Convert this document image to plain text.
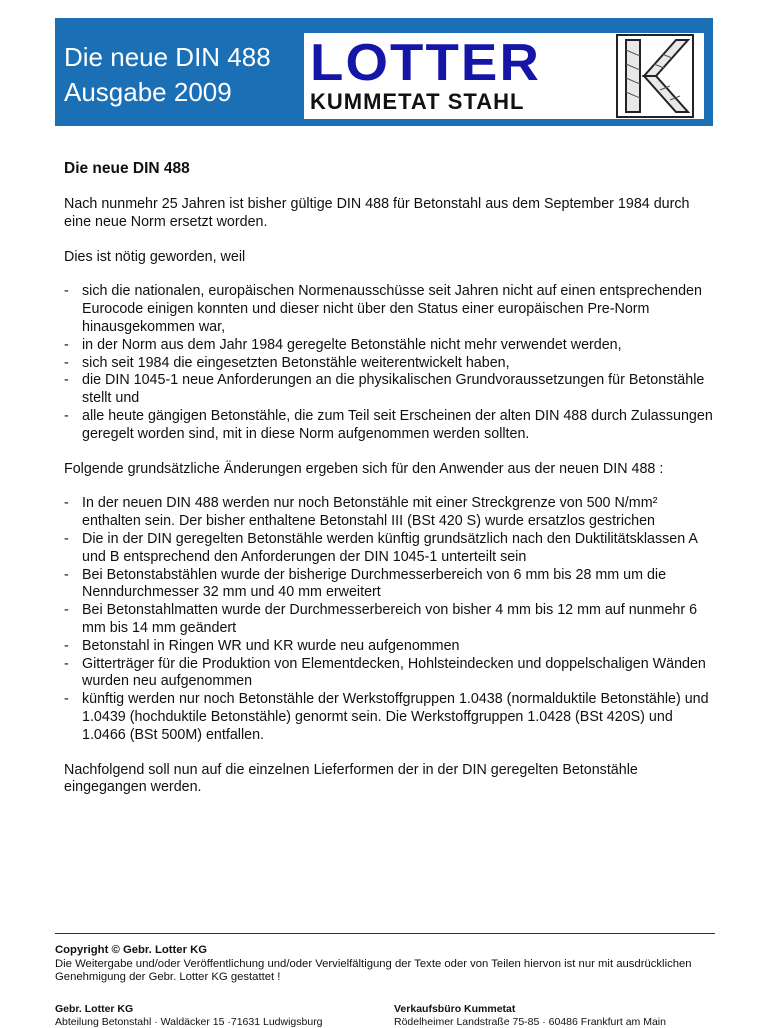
Die neue DIN 488
Ausgabe 2009	LOTTER
KUMMETAT STAHL
Die neue DIN 488

Nach nunmehr 25 Jahren ist bisher gültige DIN 488 für Betonstahl aus dem September 1984 durch eine neue Norm ersetzt worden.

Dies ist nötig geworden, weil

- sich die nationalen, europäischen Normenausschüsse seit Jahren nicht auf einen entsprechenden Eurocode einigen konnten und dieser nicht über den Status einer europäischen Pre-Norm hinausgekommen war,
- in der Norm aus dem Jahr 1984 geregelte Betonstähle nicht mehr verwendet werden,
- sich seit 1984 die eingesetzten Betonstähle weiterentwickelt haben,
- die DIN 1045-1 neue Anforderungen an die physikalischen Grundvoraussetzungen für Betonstähle stellt und
- alle heute gängigen Betonstähle, die zum Teil seit Erscheinen der alten DIN 488 durch Zulassungen geregelt worden sind, mit in diese Norm aufgenommen werden sollten.

Folgende grundsätzliche Änderungen ergeben sich für den Anwender aus der neuen DIN 488 :

- In der neuen DIN 488 werden nur noch Betonstähle mit einer Streckgrenze von 500 N/mm² enthalten sein. Der bisher enthaltene Betonstahl III (BSt 420 S) wurde ersatzlos gestrichen
- Die in der DIN geregelten Betonstähle werden künftig grundsätzlich nach den Duktilitätsklassen A und B entsprechend den Anforderungen der DIN 1045-1 unterteilt sein
- Bei Betonstabstählen wurde der bisherige Durchmesserbereich von 6 mm bis 28 mm um die Nenndurchmesser 32 mm und 40 mm erweitert
- Bei Betonstahlmatten wurde der Durchmesserbereich von bisher 4 mm bis 12 mm auf nunmehr 6 mm bis 14 mm geändert
- Betonstahl in Ringen WR und KR wurde neu aufgenommen
- Gitterträger für die Produktion von Elementdecken, Hohlsteindecken und doppelschaligen Wänden wurden neu aufgenommen
- künftig werden nur noch Betonstähle der Werkstoffgruppen 1.0438 (normalduktile Betonstähle) und 1.0439 (hochduktile Betonstähle) genormt sein. Die Werkstoffgruppen 1.0428 (BSt 420S) und 1.0466 (BSt 500M) entfallen.

Nachfolgend soll nun auf die einzelnen Lieferformen der in der DIN geregelten Betonstähle eingegangen werden.

Copyright © Gebr. Lotter KG
Die Weitergabe und/oder Veröffentlichung und/oder Vervielfältigung der Texte oder von Teilen hiervon ist nur mit ausdrücklichen Genehmigung der Gebr. Lotter KG gestattet !
Gebr. Lotter KG
Abteilung Betonstahl · Waldäcker 15 ·71631 Ludwigsburg
Verkaufsbüro Kummetat
Rödelheimer Landstraße 75-85 · 60486 Frankfurt am Main
